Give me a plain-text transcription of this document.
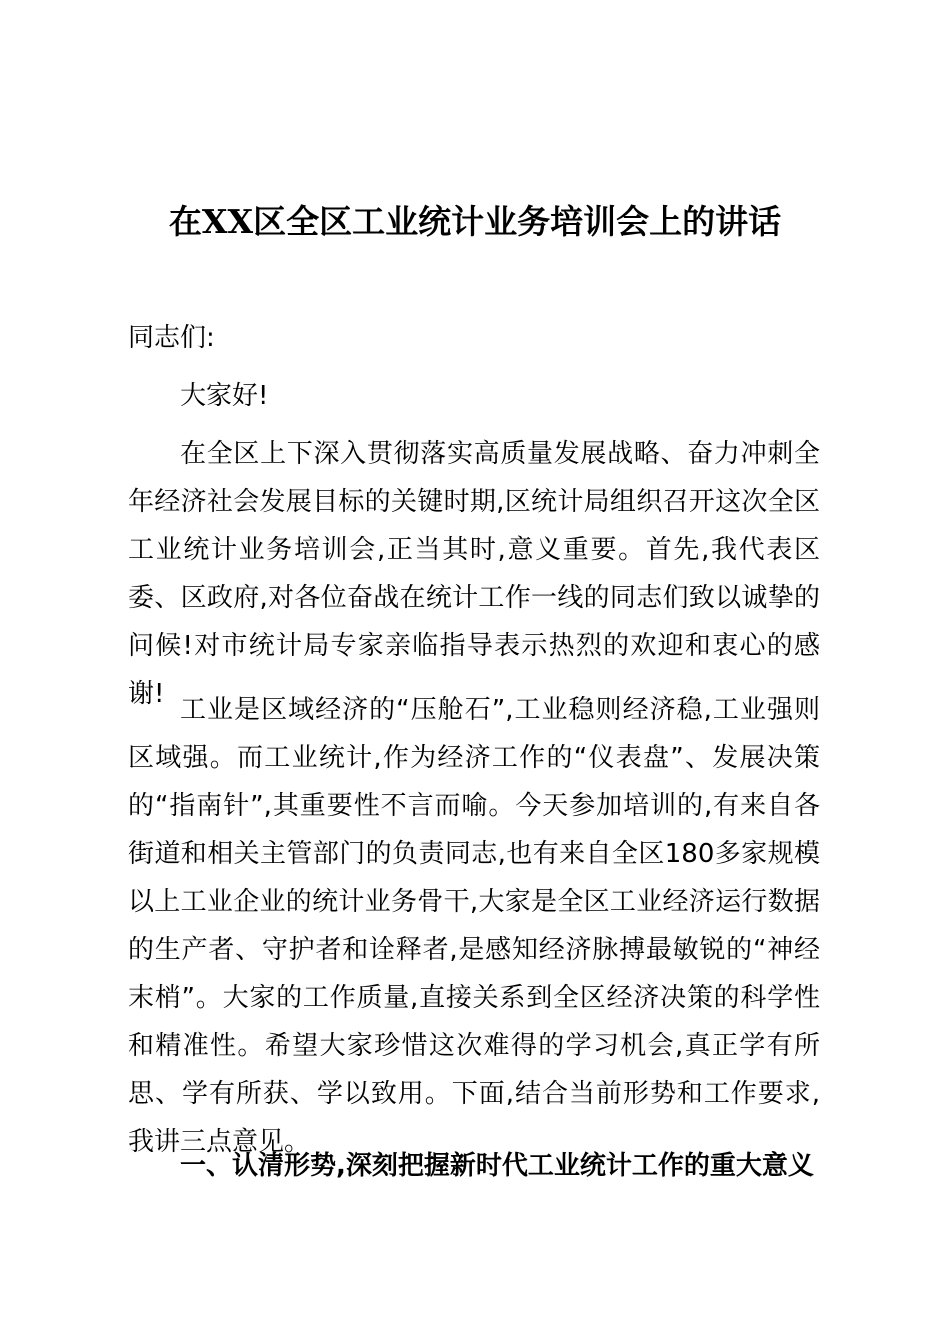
在XX区全区工业统计业务培训会上的讲话

同志们:

大家好!

在全区上下深入贯彻落实高质量发展战略、奋力冲刺全年经济社会发展目标的关键时期,区统计局组织召开这次全区工业统计业务培训会,正当其时,意义重要。首先,我代表区委、区政府,对各位奋战在统计工作一线的同志们致以诚挚的问候!对市统计局专家亲临指导表示热烈的欢迎和衷心的感谢!

工业是区域经济的“压舱石”,工业稳则经济稳,工业强则区域强。而工业统计,作为经济工作的“仪表盘”、发展决策的“指南针”,其重要性不言而喻。今天参加培训的,有来自各街道和相关主管部门的负责同志,也有来自全区180多家规模以上工业企业的统计业务骨干,大家是全区工业经济运行数据的生产者、守护者和诠释者,是感知经济脉搏最敏锐的“神经末梢”。大家的工作质量,直接关系到全区经济决策的科学性和精准性。希望大家珍惜这次难得的学习机会,真正学有所思、学有所获、学以致用。下面,结合当前形势和工作要求,我讲三点意见。

一、认清形势,深刻把握新时代工业统计工作的重大意义
